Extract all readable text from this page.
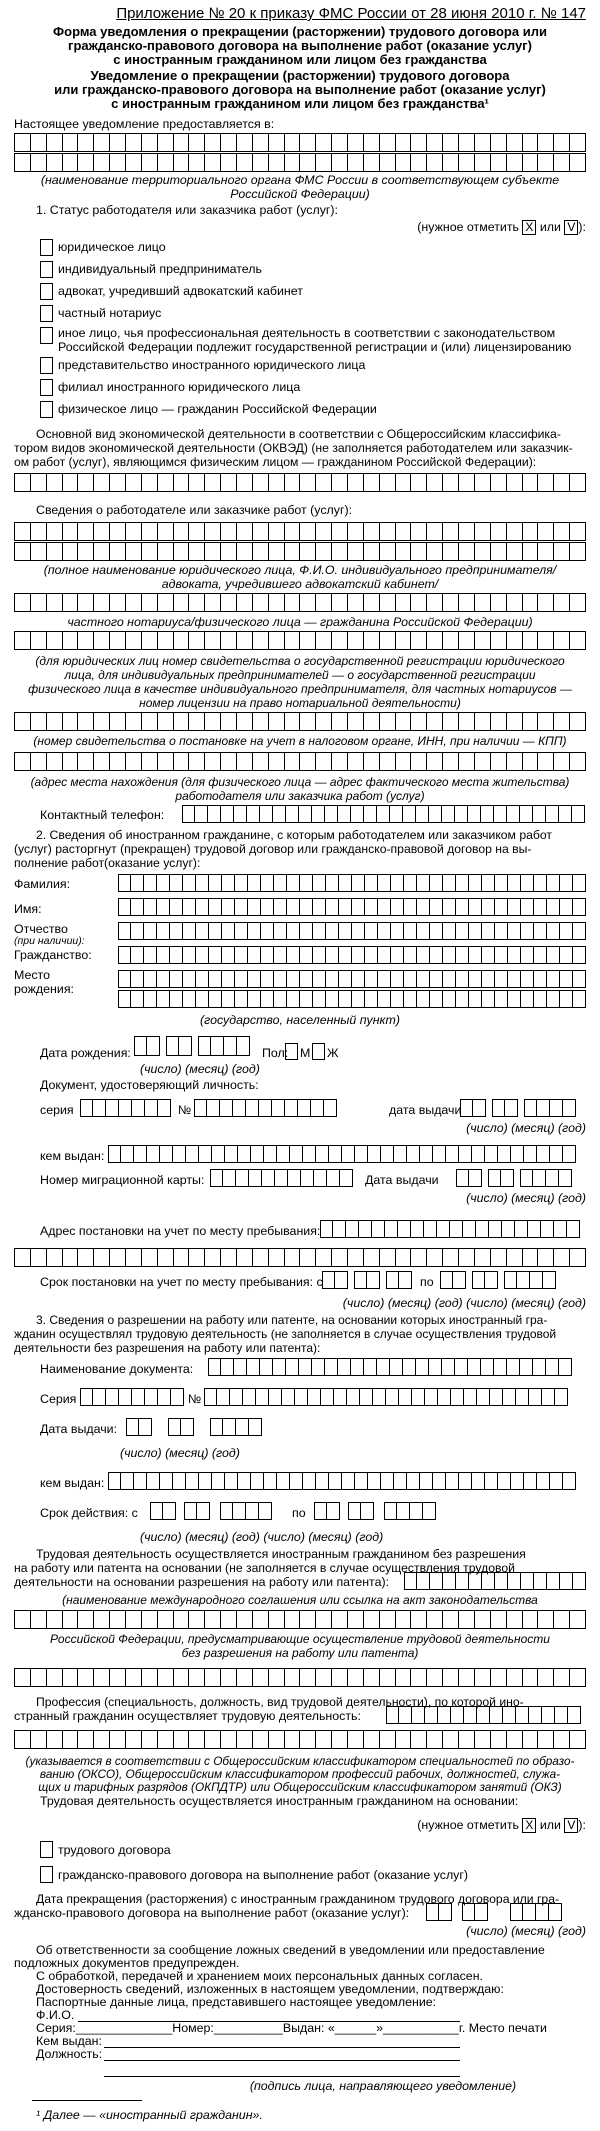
Приложение № 20 к приказу ФМС России от 28 июня 2010 г. № 147
Форма уведомления о прекращении (расторжении) трудового договора или
гражданско-правового договора на выполнение работ (оказание услуг)
с иностранным гражданином или лицом без гражданства
Уведомление о прекращении (расторжении) трудового договора
или гражданско-правового договора на выполнение работ (оказание услуг)
с иностранным гражданином или лицом без гражданства¹
Настоящее уведомление предоставляется в:
(наименование территориального органа ФМС России в соответствующем субъекте
Российской Федерации)
1. Статус работодателя или заказчика работ (услуг):
(нужное отметить X или V ):
юридическое лицо
индивидуальный предприниматель
адвокат, учредивший адвокатский кабинет
частный нотариус
иное лицо, чья профессиональная деятельность в соответствии с законодательством
Российской Федерации подлежит государственной регистрации и (или) лицензированию
представительство иностранного юридического лица
филиал иностранного юридического лица
физическое лицо — гражданин Российской Федерации
Основной вид экономической деятельности в соответствии с Общероссийским классифика-
тором видов экономической деятельности (ОКВЭД) (не заполняется работодателем или заказчик-
ом работ (услуг), являющимся физическим лицом — гражданином Российской Федерации):
Сведения о работодателе или заказчике работ (услуг):
(полное наименование юридического лица, Ф.И.О. индивидуального предпринимателя/
адвоката, учредившего адвокатский кабинет/
частного нотариуса/физического лица — гражданина Российской Федерации)
(для юридических лиц номер свидетельства о государственной регистрации юридического
лица, для индивидуальных предпринимателей — о государственной регистрации
физического лица в качестве индивидуального предпринимателя, для частных нотариусов —
номер лицензии на право нотариальной деятельности)
(номер свидетельства о постановке на учет в налоговом органе, ИНН, при наличии — КПП)
(адрес места нахождения (для физического лица — адрес фактического места жительства)
работодателя или заказчика работ (услуг)
Контактный телефон:
2. Сведения об иностранном гражданине, с которым работодателем или заказчиком работ
(услуг) расторгнут (прекращен) трудовой договор или гражданско-правовой договор на вы-
полнение работ(оказание услуг):
Фамилия:
Имя:
Отчество
(при наличии):
Гражданство:
Место
рождения:
(государство, населенный пункт)
Дата рождения:	Пол: М	Ж
(число) (месяц) (год)
Документ, удостоверяющий личность:
серия	№	дата выдачи
(число) (месяц) (год)
кем выдан:
Номер миграционной карты:	Дата выдачи
(число) (месяц) (год)
Адрес постановки на учет по месту пребывания:
Срок постановки на учет по месту пребывания: с	по
(число) (месяц) (год) (число) (месяц) (год)
3. Сведения о разрешении на работу или патенте, на основании которых иностранный гра-
жданин осуществлял трудовую деятельность (не заполняется в случае осуществления трудовой
деятельности без разрешения на работу или патента):
Наименование документа:
Серия	№
Дата выдачи:
(число) (месяц) (год)
кем выдан:
Срок действия: с	по
(число) (месяц) (год) (число) (месяц) (год)
Трудовая деятельность осуществляется иностранным гражданином без разрешения
на работу или патента на основании (не заполняется в случае осуществления трудовой
деятельности на основании разрешения на работу или патента):
(наименование международного соглашения или ссылка на акт законодательства
Российской Федерации, предусматривающие осуществление трудовой деятельности
без разрешения на работу или патента)
Профессия (специальность, должность, вид трудовой деятельности), по которой ино-
странный гражданин осуществляет трудовую деятельность:
(указывается в соответствии с Общероссийским классификатором специальностей по образо-
ванию (ОКСО), Общероссийским классификатором профессий рабочих, должностей, служа-
щих и тарифных разрядов (ОКПДТР) или Общероссийским классификатором занятий (ОКЗ)
Трудовая деятельность осуществляется иностранным гражданином на основании:
(нужное отметить X или V ):
трудового договора
гражданско-правового договора на выполнение работ (оказание услуг)
Дата прекращения (расторжения) с иностранным гражданином трудового договора или гра-
жданско-правового договора на выполнение работ (оказание услуг):
(число) (месяц) (год)
Об ответственности за сообщение ложных сведений в уведомлении или предоставление
подложных документов предупрежден.
С обработкой, передачей и хранением моих персональных данных согласен.
Достоверность сведений, изложенных в настоящем уведомлении, подтверждаю:
Паспортные данные лица, представившего настоящее уведомление:
Ф.И.О.
Серия:______________Номер:__________Выдан: «______»___________г. Место печати
Кем выдан:
Должность:
(подпись лица, направляющего уведомление)
¹ Далее — «иностранный гражданин».
